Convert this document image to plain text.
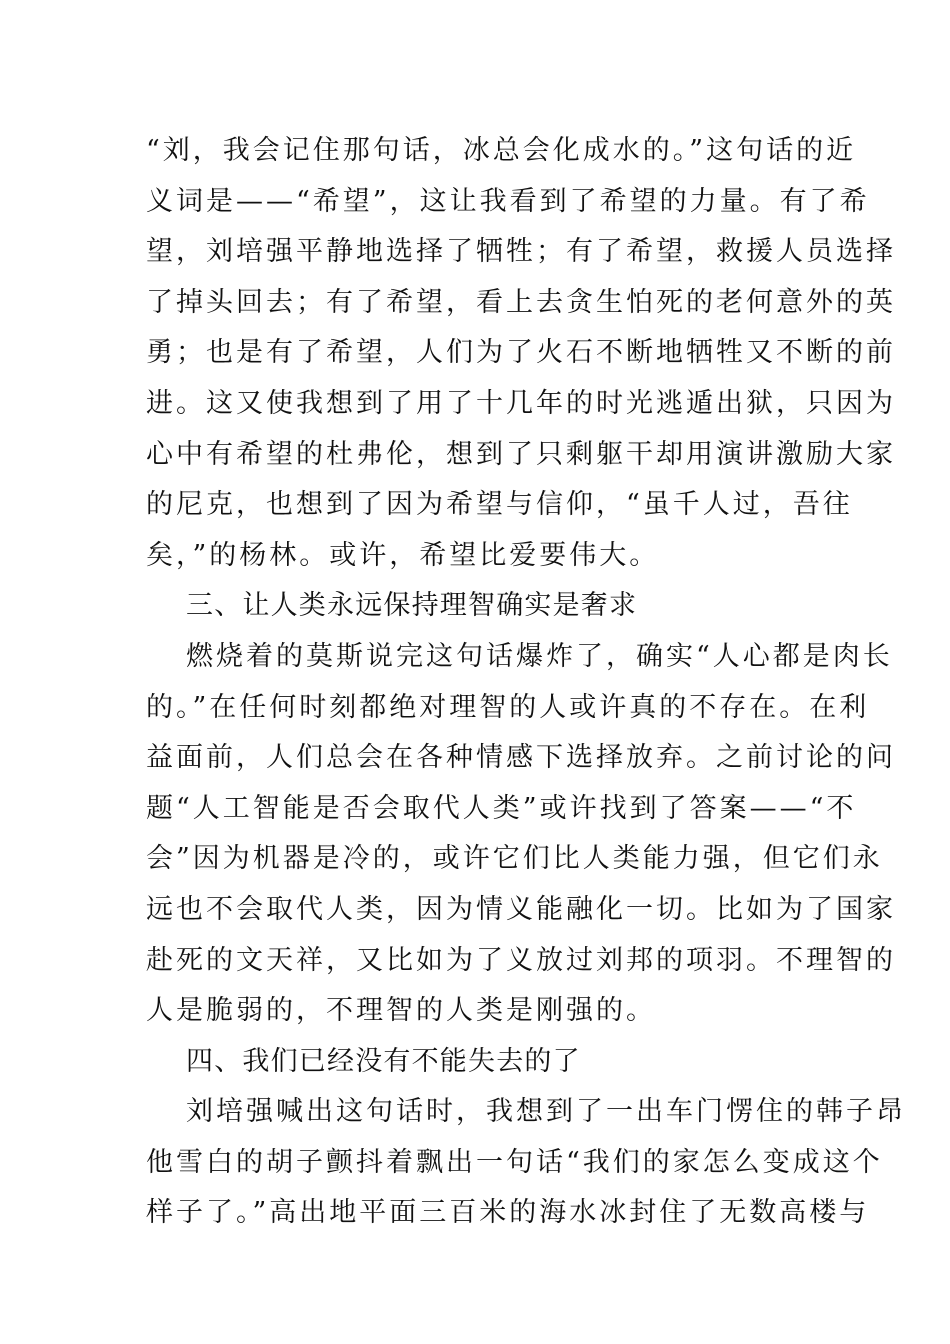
“刘，我会记住那句话，冰总会化成水的。”这句话的近
义词是——“希望”，这让我看到了希望的力量。有了希
望，刘培强平静地选择了牺牲；有了希望，救援人员选择
了掉头回去；有了希望，看上去贪生怕死的老何意外的英
勇；也是有了希望，人们为了火石不断地牺牲又不断的前
进。这又使我想到了用了十几年的时光逃遁出狱，只因为
心中有希望的杜弗伦，想到了只剩躯干却用演讲激励大家
的尼克，也想到了因为希望与信仰，“虽千人过，吾往
矣，”的杨林。或许，希望比爱要伟大。

三、让人类永远保持理智确实是奢求

燃烧着的莫斯说完这句话爆炸了，确实“人心都是肉长
的。”在任何时刻都绝对理智的人或许真的不存在。在利
益面前，人们总会在各种情感下选择放弃。之前讨论的问
题“人工智能是否会取代人类”或许找到了答案——“不
会”因为机器是冷的，或许它们比人类能力强，但它们永
远也不会取代人类，因为情义能融化一切。比如为了国家
赴死的文天祥，又比如为了义放过刘邦的项羽。不理智的
人是脆弱的，不理智的人类是刚强的。

四、我们已经没有不能失去的了

刘培强喊出这句话时，我想到了一出车门愣住的韩子昂
他雪白的胡子颤抖着飘出一句话“我们的家怎么变成这个
样子了。”高出地平面三百米的海水冰封住了无数高楼与
